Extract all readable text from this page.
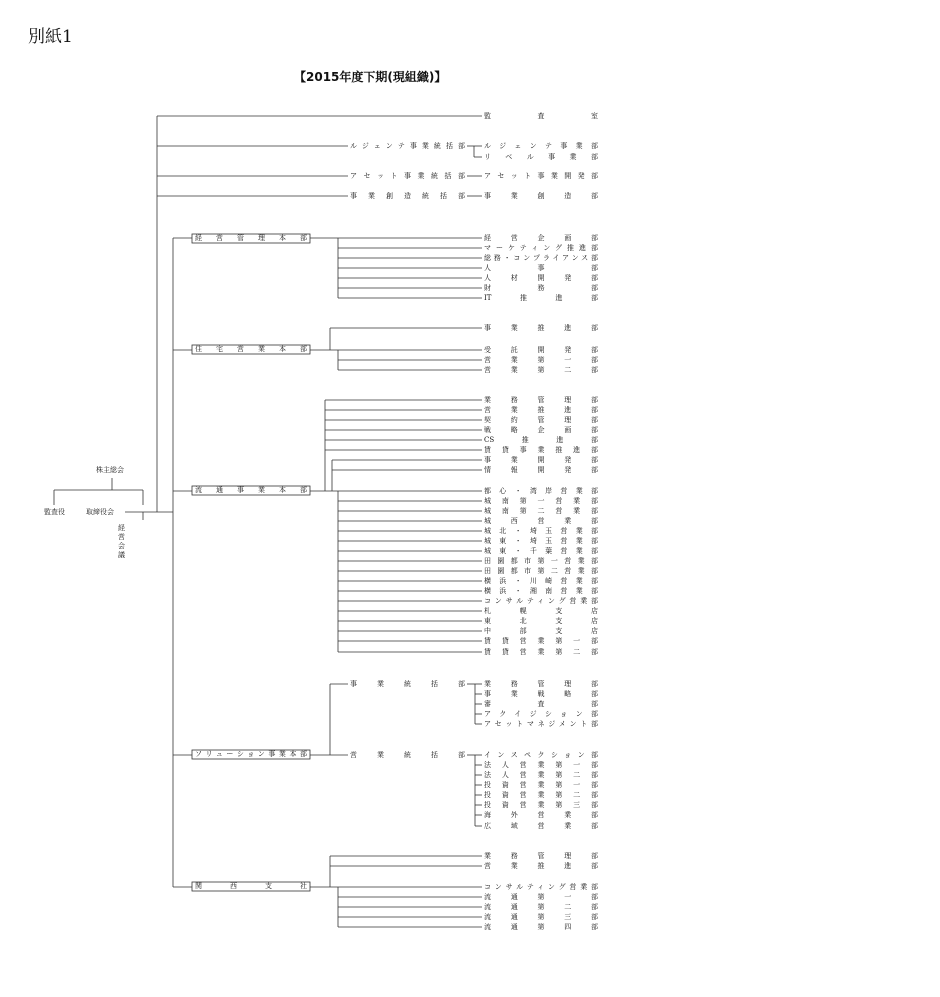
別紙1
【2015年度下期(現組織)】
株主総会
監査役	取締役会
経営会議
監　査　室
ルジェンテ事業統括部	ルジェンテ事業部
リベル事業部
アセット事業統括部	アセット事業開発部
事業創造統括部	事業創造部
経営管理本部	経営企画部
マーケティング推進部
総務・コンプライアンス部
人事部
人材開発部
財務部
IT推進部
住宅営業本部
事業推進部
受託開発部
営業第一部
営業第二部
流通事業本部
業務管理部
営業推進部
契約管理部
戦略企画部
CS推進部
賃貸事業推進部
事業開発部
情報開発部
都心・湾岸営業部
城南第一営業部
城南第二営業部
城西営業部
城北・埼玉営業部
城東・埼玉営業部
城東・千葉営業部
田園都市第一営業部
田園都市第二営業部
横浜・川崎営業部
横浜・湘南営業部
コンサルティング営業部
札幌支店
東北支店
中部支店
賃貸営業第一部
賃貸営業第二部
ソリューション事業本部
事業統括部	業務管理部
事業戦略部
審査部
アクイジション部
アセットマネジメント部
営業統括部	インスペクション部
法人営業第一部
法人営業第二部
投資営業第一部
投資営業第二部
投資営業第三部
海外営業部
広域営業部
関西支社
業務管理部
営業推進部
コンサルティング営業部
流通第一部
流通第二部
流通第三部
流通第四部
